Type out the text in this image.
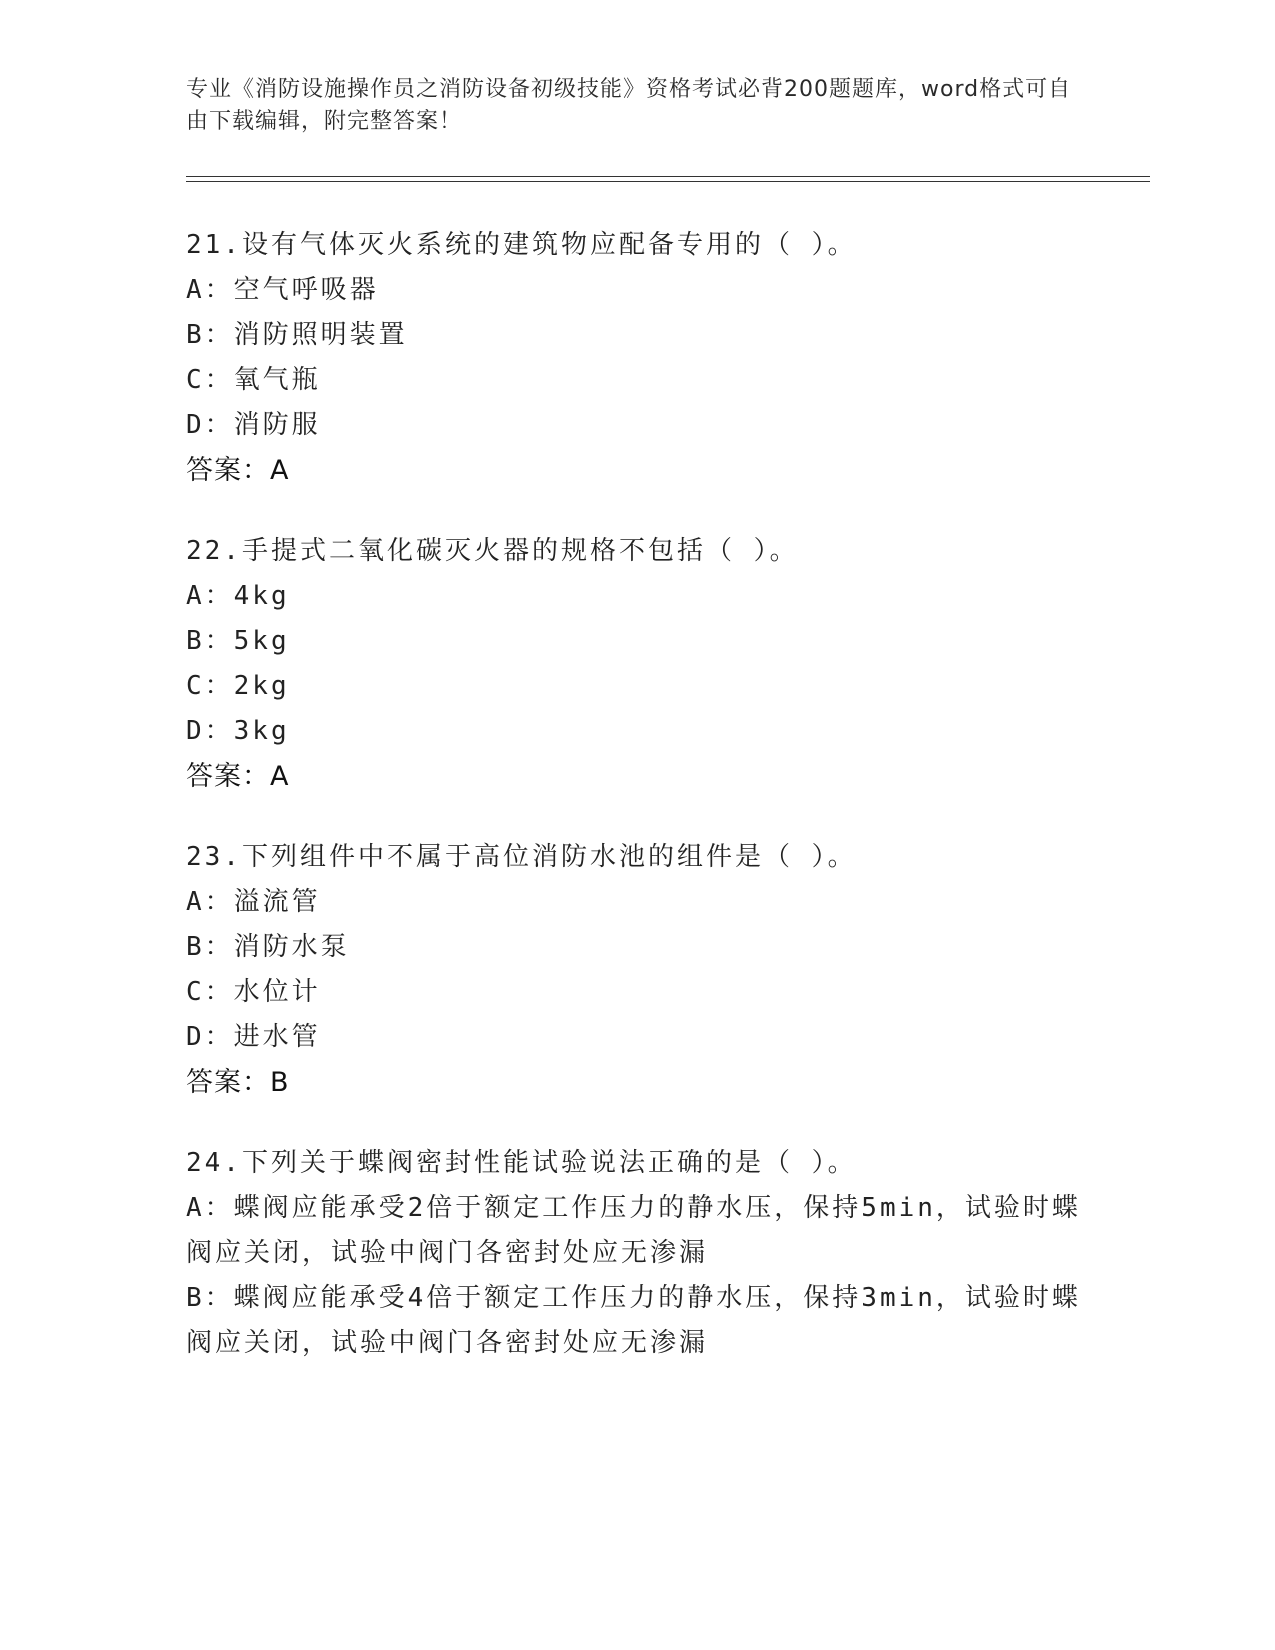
专业《消防设施操作员之消防设备初级技能》资格考试必背200题题库，word格式可自由下载编辑，附完整答案！

21.设有气体灭火系统的建筑物应配备专用的（ ）。

A：空气呼吸器

B：消防照明装置

C：氧气瓶

D：消防服

答案：A

22.手提式二氧化碳灭火器的规格不包括（ ）。

A：4kg

B：5kg

C：2kg

D：3kg

答案：A

23.下列组件中不属于高位消防水池的组件是（ ）。

A：溢流管

B：消防水泵

C：水位计

D：进水管

答案：B

24.下列关于蝶阀密封性能试验说法正确的是（ ）。

A：蝶阀应能承受2倍于额定工作压力的静水压，保持5min，试验时蝶阀应关闭，试验中阀门各密封处应无渗漏

B：蝶阀应能承受4倍于额定工作压力的静水压，保持3min，试验时蝶阀应关闭，试验中阀门各密封处应无渗漏
